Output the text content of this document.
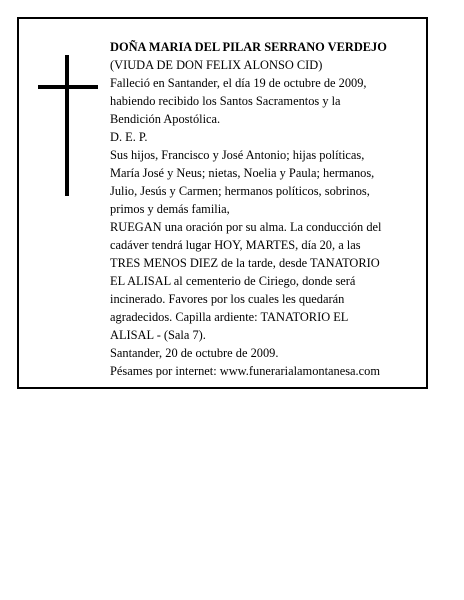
DOÑA MARIA DEL PILAR SERRANO VERDEJO
(VIUDA DE DON FELIX ALONSO CID)
Falleció en Santander, el día 19 de octubre de 2009,
habiendo recibido los Santos Sacramentos y la
Bendición Apostólica.
D. E. P.
Sus hijos, Francisco y José Antonio; hijas políticas,
María José y Neus; nietas, Noelia y Paula; hermanos,
Julio, Jesús y Carmen; hermanos políticos, sobrinos,
primos y demás familia,
RUEGAN una oración por su alma. La conducción del
cadáver tendrá lugar HOY, MARTES, día 20, a las
TRES MENOS DIEZ de la tarde, desde TANATORIO
EL ALISAL al cementerio de Ciriego, donde será
incinerado. Favores por los cuales les quedarán
agradecidos. Capilla ardiente: TANATORIO EL
ALISAL - (Sala 7).
Santander, 20 de octubre de 2009.
Pésames por internet: www.funerarialamontanesa.com
